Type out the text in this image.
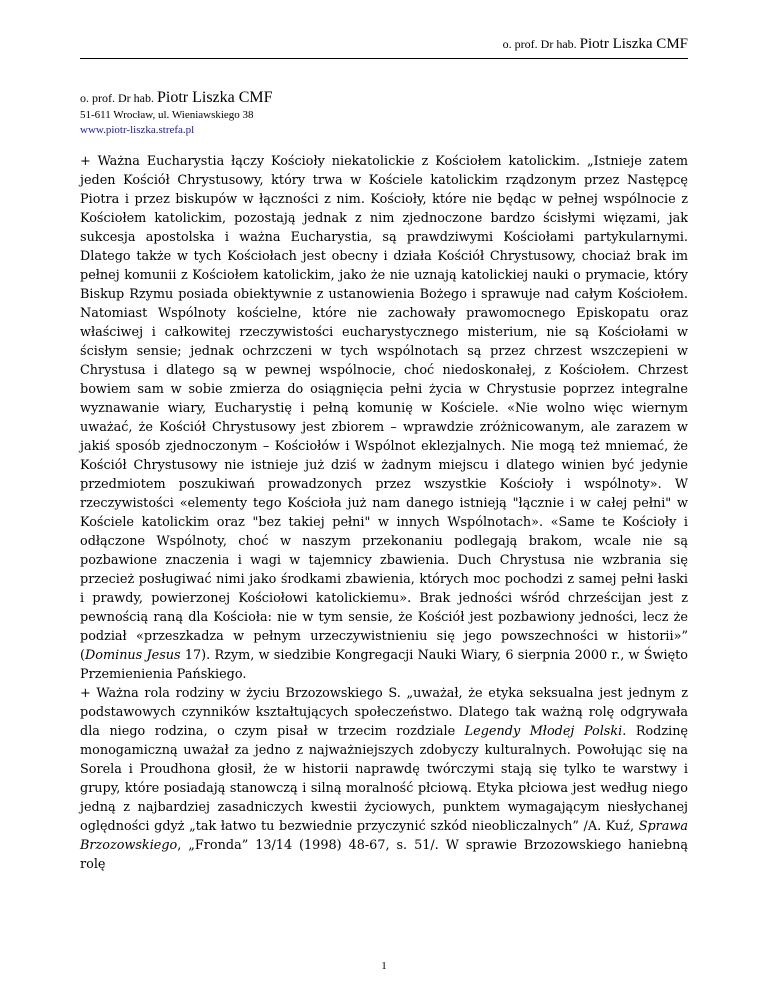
o. prof. Dr hab. Piotr Liszka CMF
o. prof. Dr hab. Piotr Liszka CMF
51-611 Wrocław, ul. Wieniawskiego 38
www.piotr-liszka.strefa.pl

+ Ważna Eucharystia łączy Kościoły niekatolickie z Kościołem katolickim. „Istnieje zatem jeden Kościół Chrystusowy, który trwa w Kościele katolickim rządzonym przez Następcę Piotra i przez biskupów w łączności z nim. Kościoły, które nie będąc w pełnej wspólnocie z Kościołem katolickim, pozostają jednak z nim zjednoczone bardzo ścisłymi więzami, jak sukcesja apostolska i ważna Eucharystia, są prawdziwymi Kościołami partykularnymi. Dlatego także w tych Kościołach jest obecny i działa Kościół Chrystusowy, chociaż brak im pełnej komunii z Kościołem katolickim, jako że nie uznają katolickiej nauki o prymacie, który Biskup Rzymu posiada obiektywnie z ustanowienia Bożego i sprawuje nad całym Kościołem. Natomiast Wspólnoty kościelne, które nie zachowały prawomocnego Episkopatu oraz właściwej i całkowitej rzeczywistości eucharystycznego misterium, nie są Kościołami w ścisłym sensie; jednak ochrzczeni w tych wspólnotach są przez chrzest wszczepieni w Chrystusa i dlatego są w pewnej wspólnocie, choć niedoskonałej, z Kościołem. Chrzest bowiem sam w sobie zmierza do osiągnięcia pełni życia w Chrystusie poprzez integralne wyznawanie wiary, Eucharystię i pełną komunię w Kościele. «Nie wolno więc wiernym uważać, że Kościół Chrystusowy jest zbiorem – wprawdzie zróżnicowanym, ale zarazem w jakiś sposób zjednoczonym – Kościołów i Wspólnot eklezjalnych. Nie mogą też mniemać, że Kościół Chrystusowy nie istnieje już dziś w żadnym miejscu i dlatego winien być jedynie przedmiotem poszukiwań prowadzonych przez wszystkie Kościoły i wspólnoty». W rzeczywistości «elementy tego Kościoła już nam danego istnieją "łącznie i w całej pełni" w Kościele katolickim oraz "bez takiej pełni" w innych Wspólnotach». «Same te Kościoły i odłączone Wspólnoty, choć w naszym przekonaniu podlegają brakom, wcale nie są pozbawione znaczenia i wagi w tajemnicy zbawienia. Duch Chrystusa nie wzbrania się przecież posługiwać nimi jako środkami zbawienia, których moc pochodzi z samej pełni łaski i prawdy, powierzonej Kościołowi katolickiemu». Brak jedności wśród chrześcijan jest z pewnością raną dla Kościoła: nie w tym sensie, że Kościół jest pozbawiony jedności, lecz że podział «przeszkadza w pełnym urzeczywistnieniu się jego powszechności w historii»” (Dominus Jesus 17). Rzym, w siedzibie Kongregacji Nauki Wiary, 6 sierpnia 2000 r., w Święto Przemienienia Pańskiego.

+ Ważna rola rodziny w życiu Brzozowskiego S. „uważał, że etyka seksualna jest jednym z podstawowych czynników kształtujących społeczeństwo. Dlatego tak ważną rolę odgrywała dla niego rodzina, o czym pisał w trzecim rozdziale Legendy Młodej Polski. Rodzinę monogamiczną uważał za jedno z najważniejszych zdobyczy kulturalnych. Powołując się na Sorela i Proudhona głosił, że w historii naprawdę twórczymi stają się tylko te warstwy i grupy, które posiadają stanowczą i silną moralność płciową. Etyka płciowa jest według niego jedną z najbardziej zasadniczych kwestii życiowych, punktem wymagającym niesłychanej oględności gdyż „tak łatwo tu bezwiednie przyczynić szkód nieobliczalnych” /A. Kuź, Sprawa Brzozowskiego, „Fronda” 13/14 (1998) 48-67, s. 51/. W sprawie Brzozowskiego haniebną rolę

1
